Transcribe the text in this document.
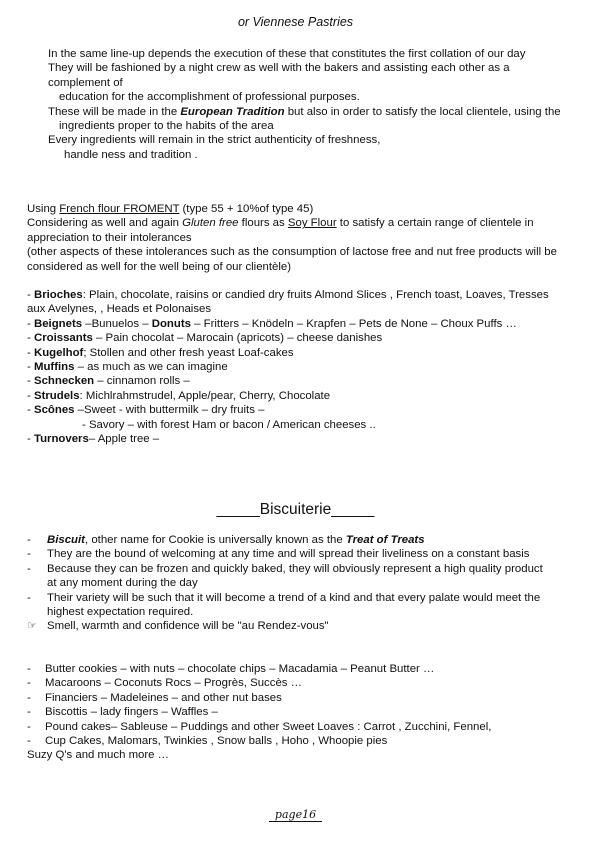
or Viennese Pastries

In the same line-up depends the execution of these that constitutes the first collation of our day

They will be fashioned by a night crew as well with the bakers and assisting each other as a complement of

education for the accomplishment of professional purposes.

These will be made in the European Tradition but also in order to satisfy the local clientele, using the

ingredients proper to the habits of the area

Every ingredients will remain in the strict authenticity of freshness,

handle ness and tradition .

Using French flour FROMENT (type 55 + 10%of type 45)

Considering as well and again Gluten free flours as Soy Flour to satisfy a certain range of clientele in appreciation to their intolerances

(other aspects of these intolerances such as the consumption of lactose free and nut free products will be considered as well for the well being of our clientèle)

- Brioches: Plain, chocolate, raisins or candied dry fruits Almond Slices , French toast, Loaves, Tresses aux Avelynes, , Heads et Polonaises

- Beignets –Bunuelos – Donuts – Fritters – Knödeln – Krapfen – Pets de None – Choux Puffs …

- Croissants – Pain chocolat – Marocain (apricots) – cheese danishes

- Kugelhof; Stollen and other fresh yeast Loaf-cakes

- Muffins – as much as we can imagine

- Schnecken – cinnamon rolls –

- Strudels: Michlrahmstrudel, Apple/pear, Cherry, Chocolate

- Scônes –Sweet - with buttermilk – dry fruits –

- Savory – with forest Ham or bacon / American cheeses ..

- Turnovers– Apple tree –

_____Biscuiterie_____
-	Biscuit, other name for Cookie is universally known as the Treat of Treats
-	They are the bound of welcoming at any time and will spread their liveliness on a constant basis
-	Because they can be frozen and quickly baked, they will obviously represent a high quality product at any moment during the day
-	Their variety will be such that it will become a trend of a kind and that every palate would meet the highest expectation required.
☞ Smell, warmth and confidence will be "au Rendez-vous"
-	Butter cookies – with nuts – chocolate chips – Macadamia – Peanut Butter …
-	Macaroons – Coconuts Rocs – Progrès, Succès …
-	Financiers – Madeleines – and other nut bases
-	Biscottis – lady fingers – Waffles –
-	Pound cakes– Sableuse – Puddings and other Sweet Loaves : Carrot , Zucchini, Fennel,
-	Cup Cakes, Malomars, Twinkies , Snow balls , Hoho , Whoopie pies
Suzy Q's and much more …
page16
